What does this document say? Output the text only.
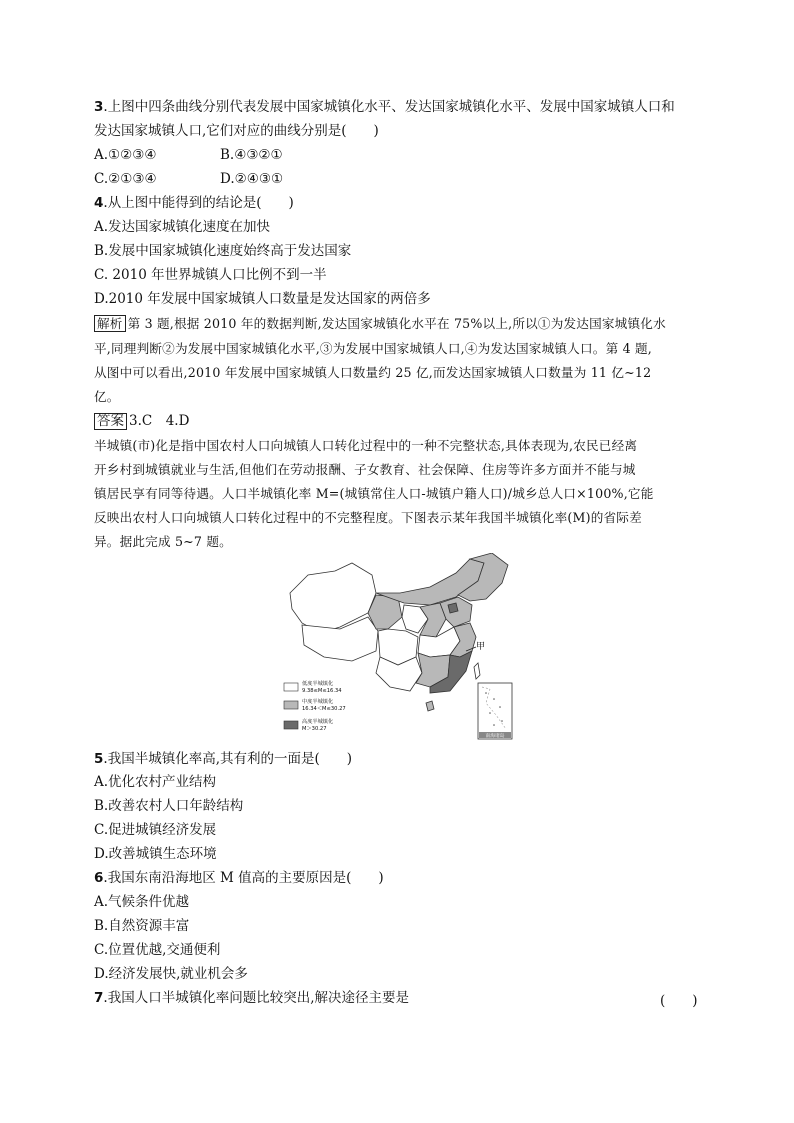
3.上图中四条曲线分别代表发展中国家城镇化水平、发达国家城镇化水平、发展中国家城镇人口和
发达国家城镇人口,它们对应的曲线分别是(　　)
A.①②③④	B.④③②①
C.②①③④	D.②④③①
4.从上图中能得到的结论是(　　)
A.发达国家城镇化速度在加快
B.发展中国家城镇化速度始终高于发达国家
C. 2010 年世界城镇人口比例不到一半
D.2010 年发展中国家城镇人口数量是发达国家的两倍多
解析 第 3 题,根据 2010 年的数据判断,发达国家城镇化水平在 75%以上,所以①为发达国家城镇化水
平,同理判断②为发展中国家城镇化水平,③为发展中国家城镇人口,④为发达国家城镇人口。第 4 题,
从图中可以看出,2010 年发展中国家城镇人口数量约 25 亿,而发达国家城镇人口数量为 11 亿~12
亿。
答案 3.C　4.D
半城镇(市)化是指中国农村人口向城镇人口转化过程中的一种不完整状态,具体表现为,农民已经离
开乡村到城镇就业与生活,但他们在劳动报酬、子女教育、社会保障、住房等许多方面并不能与城
镇居民享有同等待遇。人口半城镇化率 M=(城镇常住人口-城镇户籍人口)/城乡总人口×100%,它能
反映出农村人口向城镇人口转化过程中的不完整程度。下图表示某年我国半城镇化率(M)的省际差
异。据此完成 5~7 题。
甲
南海诸岛
低度半城镇化
9.38≤M≤16.34
中度半城镇化
16.34＜M≤30.27
高度半城镇化
M＞30.27
5.我国半城镇化率高,其有利的一面是(　　)
A.优化农村产业结构
B.改善农村人口年龄结构
C.促进城镇经济发展
D.改善城镇生态环境
6.我国东南沿海地区 M 值高的主要原因是(　　)
A.气候条件优越
B.自然资源丰富
C.位置优越,交通便利
D.经济发展快,就业机会多
7.我国人口半城镇化率问题比较突出,解决途径主要是	(　　)
